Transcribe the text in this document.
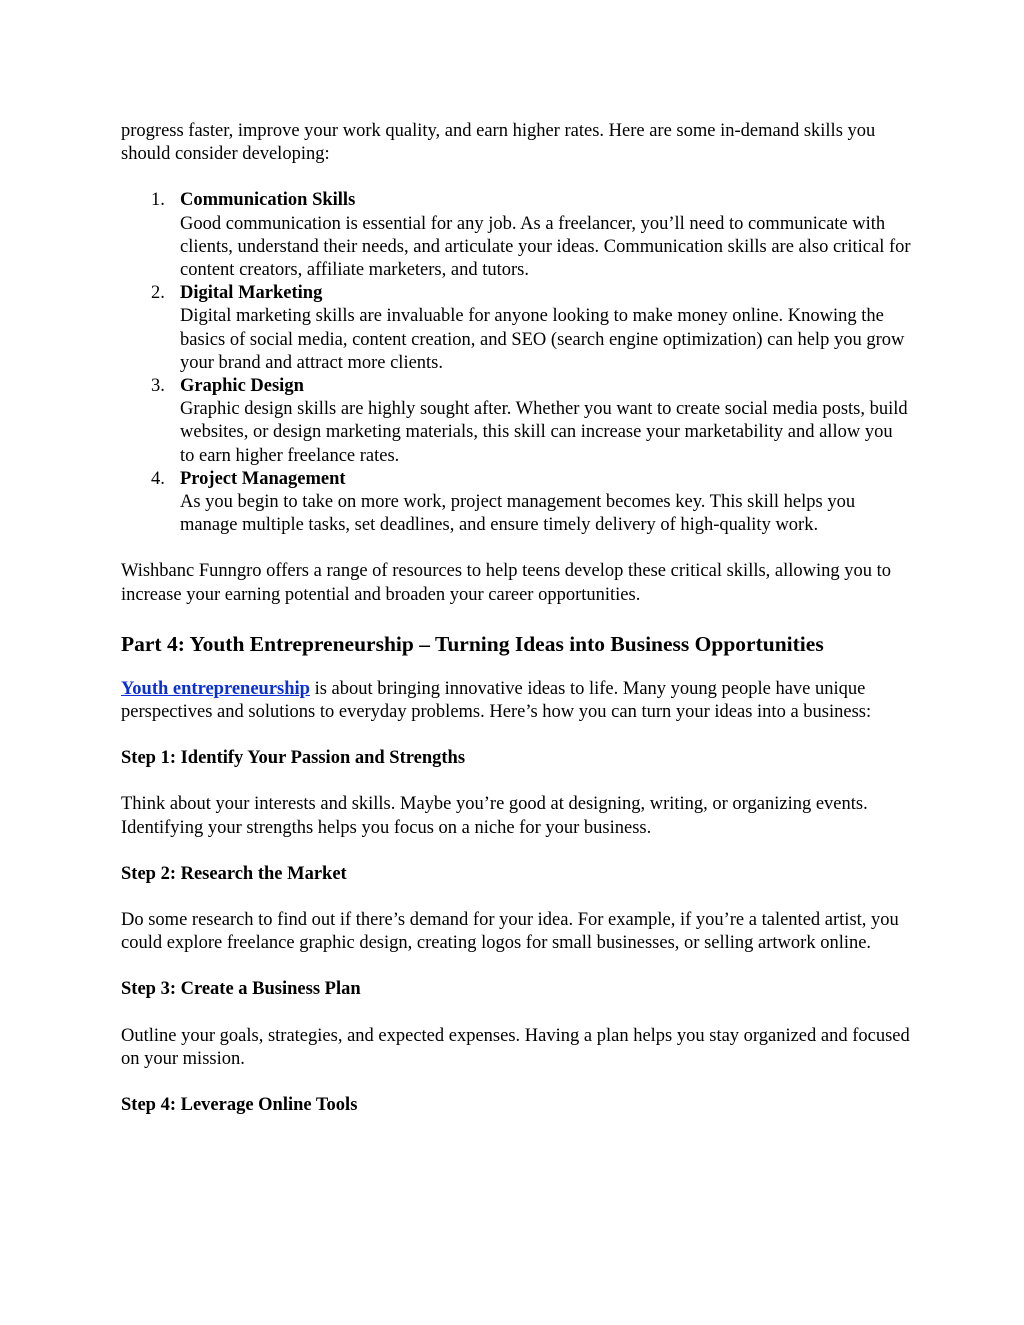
progress faster, improve your work quality, and earn higher rates. Here are some in-demand skills you should consider developing:

1. Communication Skills
Good communication is essential for any job. As a freelancer, you’ll need to communicate with clients, understand their needs, and articulate your ideas. Communication skills are also critical for content creators, affiliate marketers, and tutors.
2. Digital Marketing
Digital marketing skills are invaluable for anyone looking to make money online. Knowing the basics of social media, content creation, and SEO (search engine optimization) can help you grow your brand and attract more clients.
3. Graphic Design
Graphic design skills are highly sought after. Whether you want to create social media posts, build websites, or design marketing materials, this skill can increase your marketability and allow you to earn higher freelance rates.
4. Project Management
As you begin to take on more work, project management becomes key. This skill helps you manage multiple tasks, set deadlines, and ensure timely delivery of high-quality work.

Wishbanc Funngro offers a range of resources to help teens develop these critical skills, allowing you to increase your earning potential and broaden your career opportunities.

Part 4: Youth Entrepreneurship – Turning Ideas into Business Opportunities

Youth entrepreneurship is about bringing innovative ideas to life. Many young people have unique perspectives and solutions to everyday problems. Here’s how you can turn your ideas into a business:

Step 1: Identify Your Passion and Strengths

Think about your interests and skills. Maybe you’re good at designing, writing, or organizing events. Identifying your strengths helps you focus on a niche for your business.

Step 2: Research the Market

Do some research to find out if there’s demand for your idea. For example, if you’re a talented artist, you could explore freelance graphic design, creating logos for small businesses, or selling artwork online.

Step 3: Create a Business Plan

Outline your goals, strategies, and expected expenses. Having a plan helps you stay organized and focused on your mission.

Step 4: Leverage Online Tools
